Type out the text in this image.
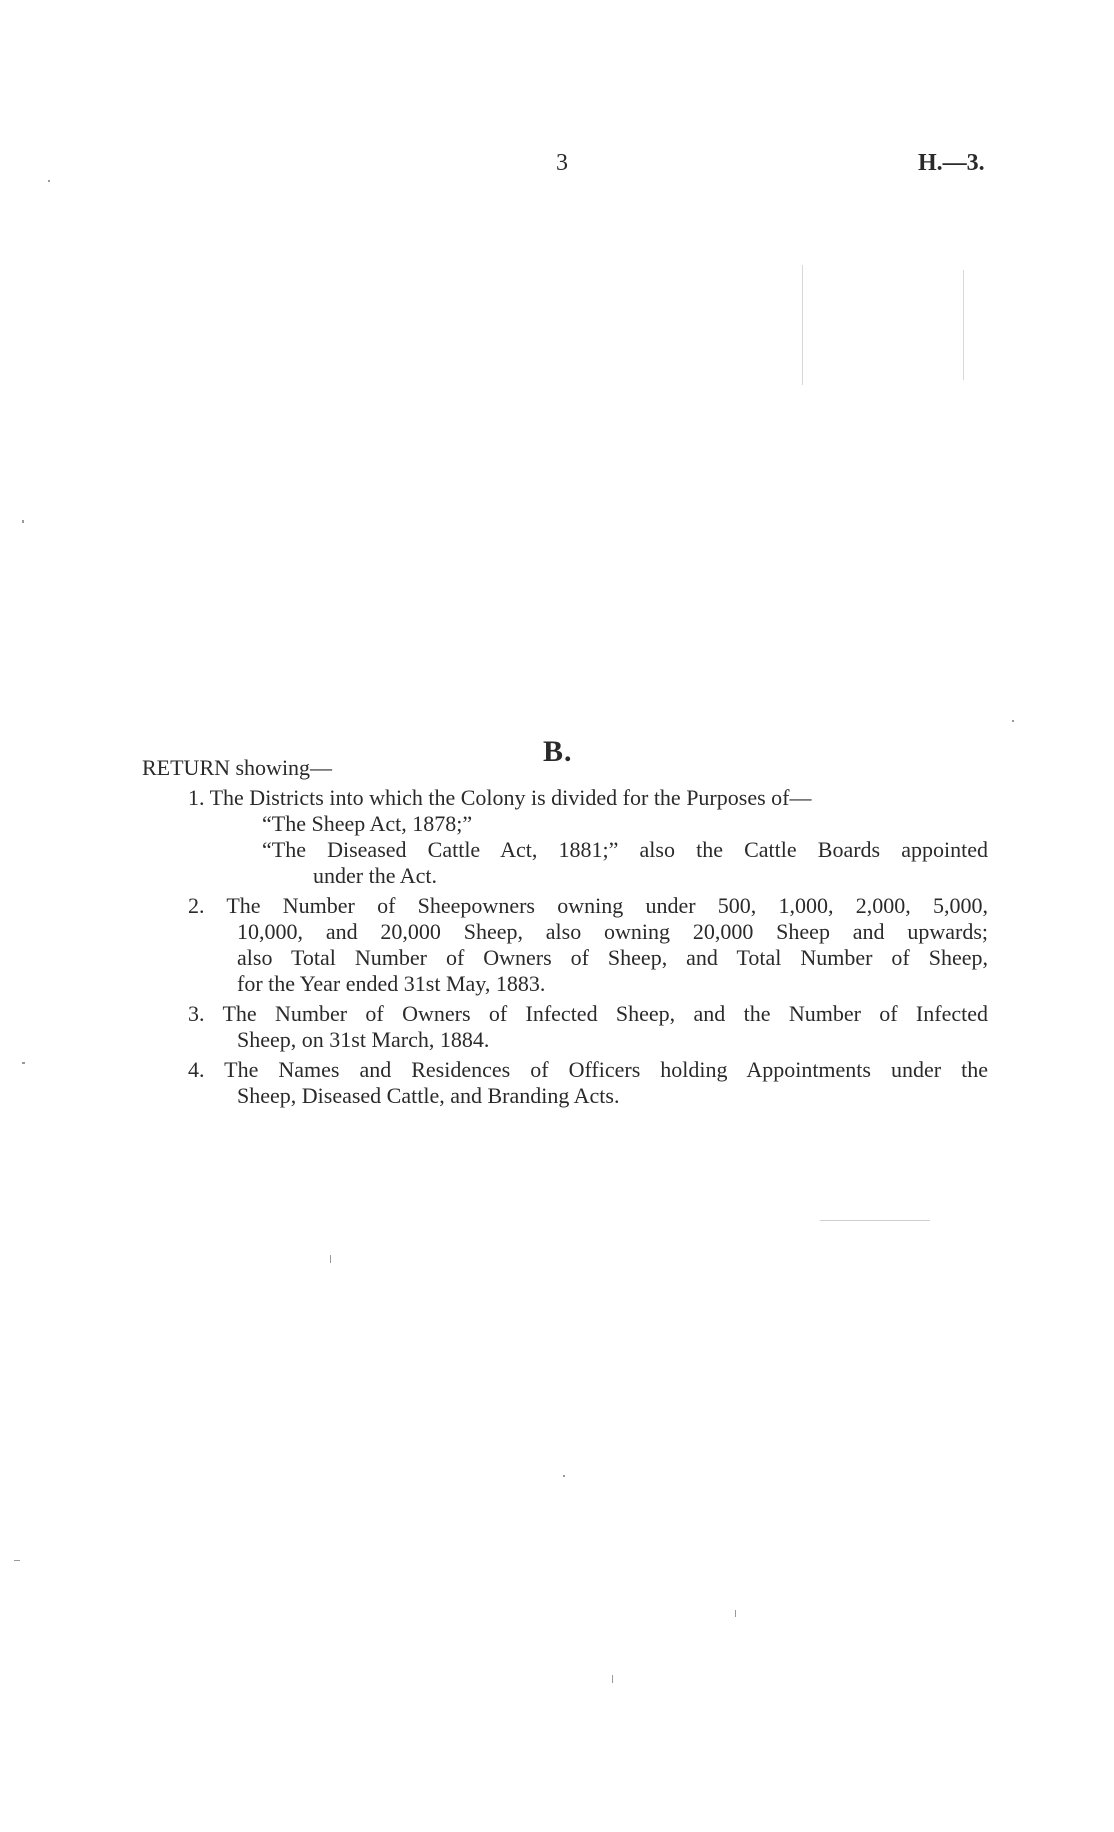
3	H.—3.
B.
RETURN showing—
1. The Districts into which the Colony is divided for the Purposes of—
“The Sheep Act, 1878;”
“The Diseased Cattle Act, 1881;” also the Cattle Boards appointed
under the Act.
2. The Number of Sheepowners owning under 500, 1,000, 2,000, 5,000,
10,000, and 20,000 Sheep, also owning 20,000 Sheep and upwards;
also Total Number of Owners of Sheep, and Total Number of Sheep,
for the Year ended 31st May, 1883.
3. The Number of Owners of Infected Sheep, and the Number of Infected
Sheep, on 31st March, 1884.
4. The Names and Residences of Officers holding Appointments under the
Sheep, Diseased Cattle, and Branding Acts.
